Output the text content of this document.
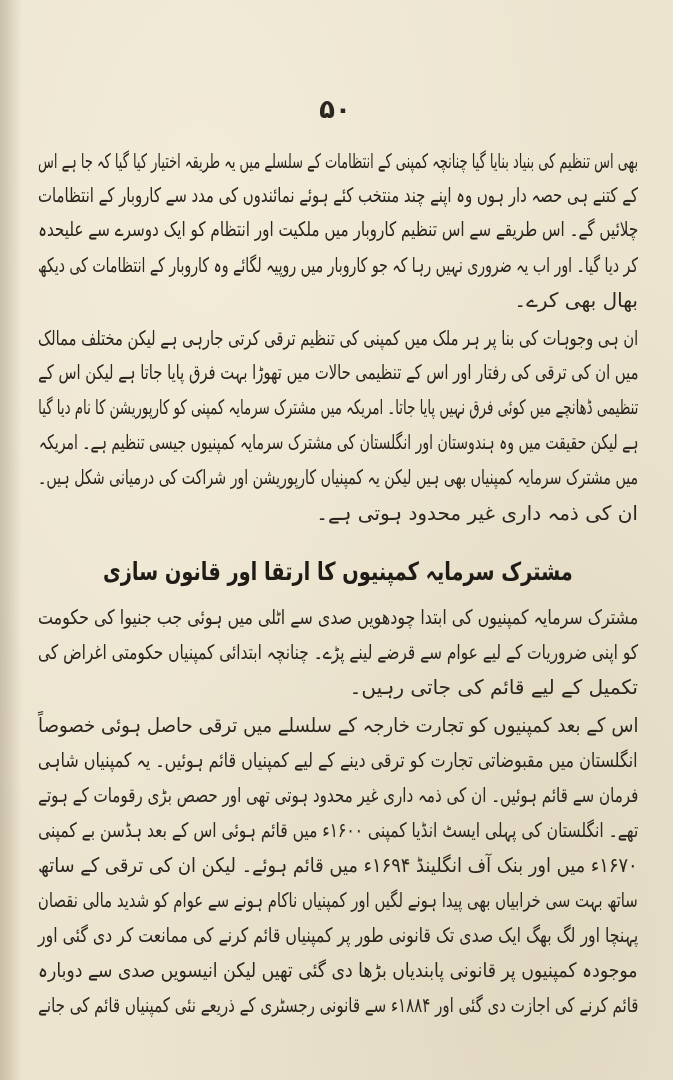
۵۰
بھی اس تنظیم کی بنیاد بنایا گیا چنانچہ کمپنی کے انتظامات کے سلسلے میں یہ طریقہ اختیار کیا گیا کہ جا ہے اس
کے کتنے ہی حصہ دار ہوں وہ اپنے چند منتخب کئے ہوئے نمائندوں کی مدد سے کاروبار کے انتظامات
چلائیں گے۔ اس طریقے سے اس تنظیم کاروبار میں ملکیت اور انتظام کو ایک دوسرے سے علیحدہ
کر دیا گیا۔ اور اب یہ ضروری نہیں رہا کہ جو کاروبار میں روپیہ لگائے وہ کاروبار کے انتظامات کی دیکھ
بھال بھی کرے۔
ان ہی وجوہات کی بنا پر ہر ملک میں کمپنی کی تنظیم ترقی کرتی جارہی ہے لیکن مختلف ممالک
میں ان کی ترقی کی رفتار اور اس کے تنظیمی حالات میں تھوڑا بہت فرق پایا جاتا ہے لیکن اس کے
تنظیمی ڈھانچے میں کوئی فرق نہیں پایا جاتا۔ امریکہ میں مشترک سرمایہ کمپنی کو کارپوریشن کا نام دیا گیا
ہے لیکن حقیقت میں وہ ہندوستان اور انگلستان کی مشترک سرمایہ کمپنیوں جیسی تنظیم ہے۔ امریکہ
میں مشترک سرمایہ کمپنیاں بھی ہیں لیکن یہ کمپنیاں کارپوریشن اور شراکت کی درمیانی شکل ہیں۔
ان کی ذمہ داری غیر محدود ہوتی ہے۔
مشترک سرمایہ کمپنیوں کا ارتقا اور قانون سازی
مشترک سرمایہ کمپنیوں کی ابتدا چودھویں صدی سے اٹلی میں ہوئی جب جنیوا کی حکومت
کو اپنی ضروریات کے لیے عوام سے قرضے لینے پڑے۔ چنانچہ ابتدائی کمپنیاں حکومتی اغراض کی
تکمیل کے لیے قائم کی جاتی رہیں۔
اس کے بعد کمپنیوں کو تجارت خارجہ کے سلسلے میں ترقی حاصل ہوئی خصوصاً
انگلستان میں مقبوضاتی تجارت کو ترقی دینے کے لیے کمپنیاں قائم ہوئیں۔ یہ کمپنیاں شاہی
فرمان سے قائم ہوئیں۔ ان کی ذمہ داری غیر محدود ہوتی تھی اور حصص بڑی رقومات کے ہوتے
تھے۔ انگلستان کی پہلی ایسٹ انڈیا کمپنی ۱۶۰۰ء میں قائم ہوئی اس کے بعد ہڈسن بے کمپنی
۱۶۷۰ء میں اور بنک آف انگلینڈ ۱۶۹۴ء میں قائم ہوئے۔ لیکن ان کی ترقی کے ساتھ
ساتھ بہت سی خرابیاں بھی پیدا ہونے لگیں اور کمپنیاں ناکام ہونے سے عوام کو شدید مالی نقصان
پہنچا اور لگ بھگ ایک صدی تک قانونی طور پر کمپنیاں قائم کرنے کی ممانعت کر دی گئی اور
موجودہ کمپنیوں پر قانونی پابندیاں بڑھا دی گئی تھیں لیکن انیسویں صدی سے دوبارہ
قائم کرنے کی اجازت دی گئی اور ۱۸۸۴ء سے قانونی رجسٹری کے ذریعے نئی کمپنیاں قائم کی جانے
